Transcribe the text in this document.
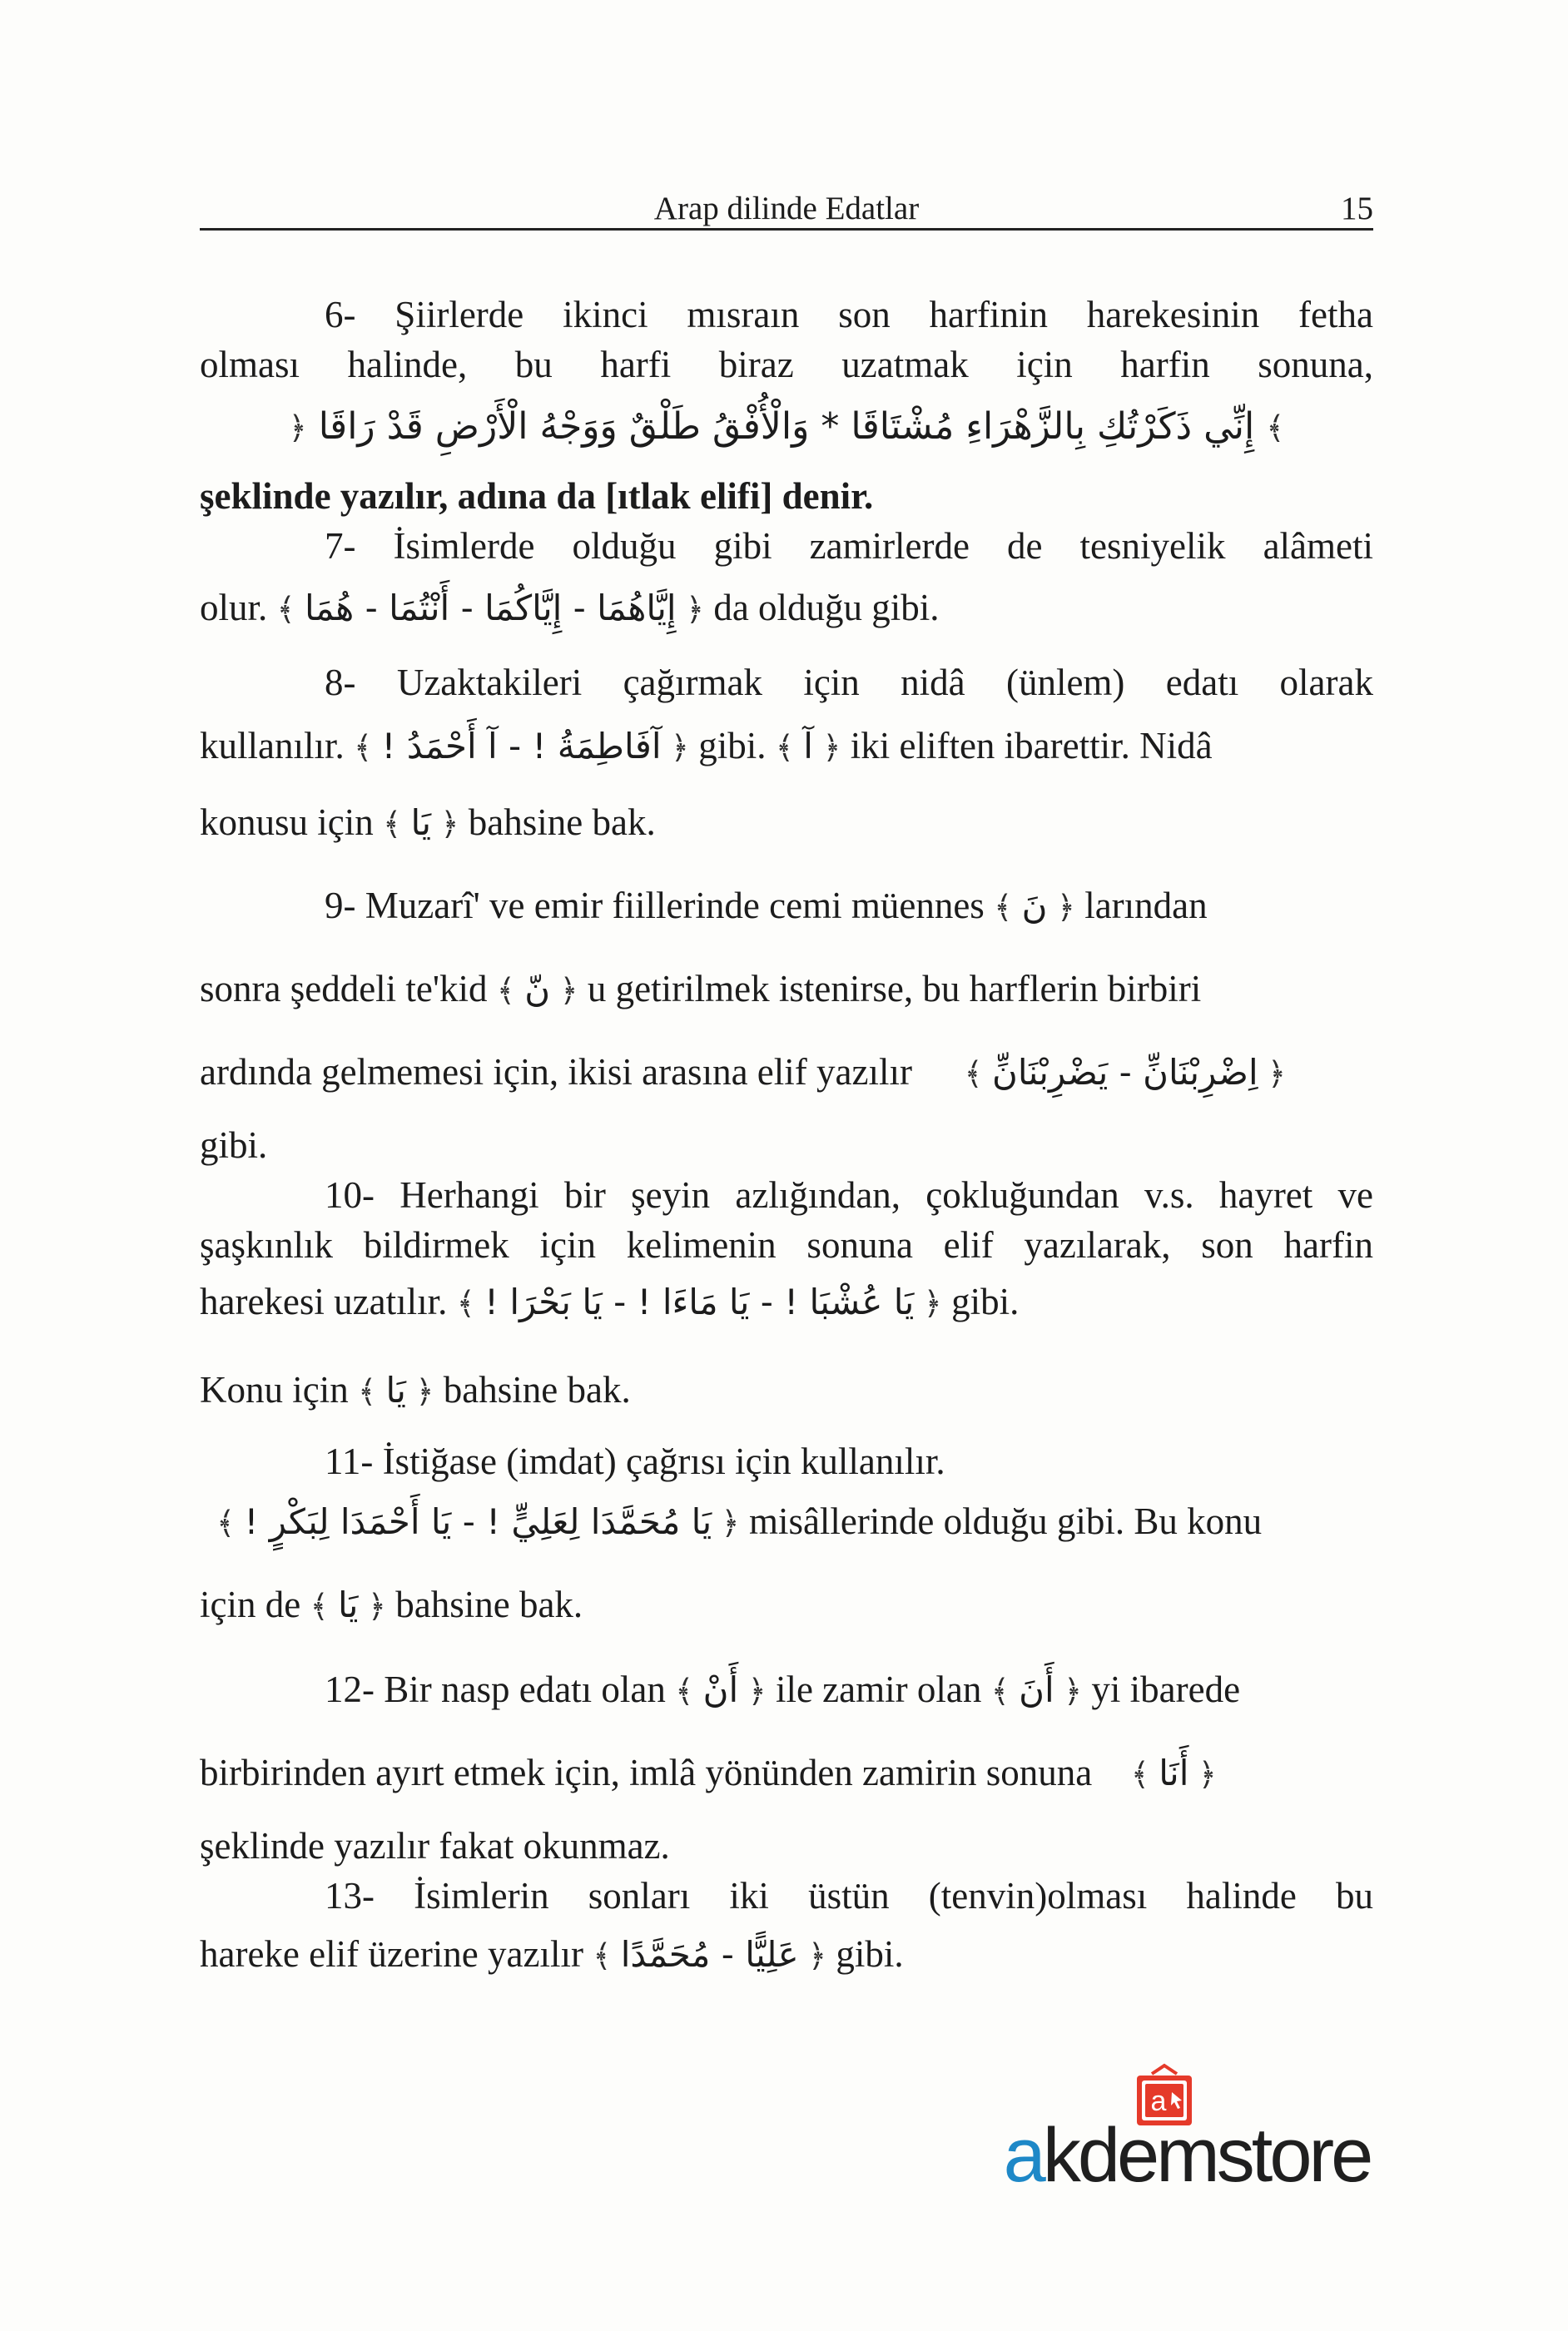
Arap dilinde Edatlar	15
6- Şiirlerde ikinci mısraın son harfinin harekesinin fetha
olması halinde, bu harfi biraz uzatmak için harfin sonuna,
﴾ إِنِّي ذَكَرْتُكِ بِالزَّهْرَاءِ مُشْتَاقَا * وَالْأُفْقُ طَلْقٌ وَوَجْهُ الْأَرْضِ قَدْ رَاقَا ﴿
şeklinde yazılır, adına da [ıtlak elifi] denir.
7- İsimlerde olduğu gibi zamirlerde de tesniyelik alâmeti
olur. ﴾ إِيَّاهُمَا - إِيَّاكُمَا - أَنْتُمَا - هُمَا ﴿ da olduğu gibi.
8- Uzaktakileri çağırmak için nidâ (ünlem) edatı olarak
kullanılır. ﴾ آفَاطِمَةُ ! - آ أَحْمَدُ ! ﴿ gibi. ﴾ آ ﴿ iki eliften ibarettir. Nidâ
konusu için ﴾ يَا ﴿ bahsine bak.
9- Muzarî' ve emir fiillerinde cemi müennes ﴾ نَ ﴿ larından
sonra şeddeli te'kid ﴾ نّ ﴿ u getirilmek istenirse, bu harflerin birbiri
ardında gelmemesi için, ikisi arasına elif yazılır ﴾ اِضْرِبْنَانِّ - يَضْرِبْنَانِّ ﴿
gibi.
10- Herhangi bir şeyin azlığından, çokluğundan v.s. hayret ve
şaşkınlık bildirmek için kelimenin sonuna elif yazılarak, son harfin
harekesi uzatılır. ﴾ يَا عُشْبَا ! - يَا مَاءَا ! - يَا بَحْرَا ! ﴿ gibi.
Konu için ﴾ يَا ﴿ bahsine bak.
11- İstiğase (imdat) çağrısı için kullanılır.
﴾ يَا مُحَمَّدَا لِعَلِيٍّ ! - يَا أَحْمَدَا لِبَكْرٍ ! ﴿ misâllerinde olduğu gibi. Bu konu
için de ﴾ يَا ﴿ bahsine bak.
12- Bir nasp edatı olan ﴾ أَنْ ﴿ ile zamir olan ﴾ أَنَ ﴿ yi ibarede
birbirinden ayırt etmek için, imlâ yönünden zamirin sonuna ﴾ أَنَا ﴿
şeklinde yazılır fakat okunmaz.
13- İsimlerin sonları iki üstün (tenvin)olması halinde bu
hareke elif üzerine yazılır ﴾ عَلِيًّا - مُحَمَّدًا ﴿ gibi.
a
akdemstore
